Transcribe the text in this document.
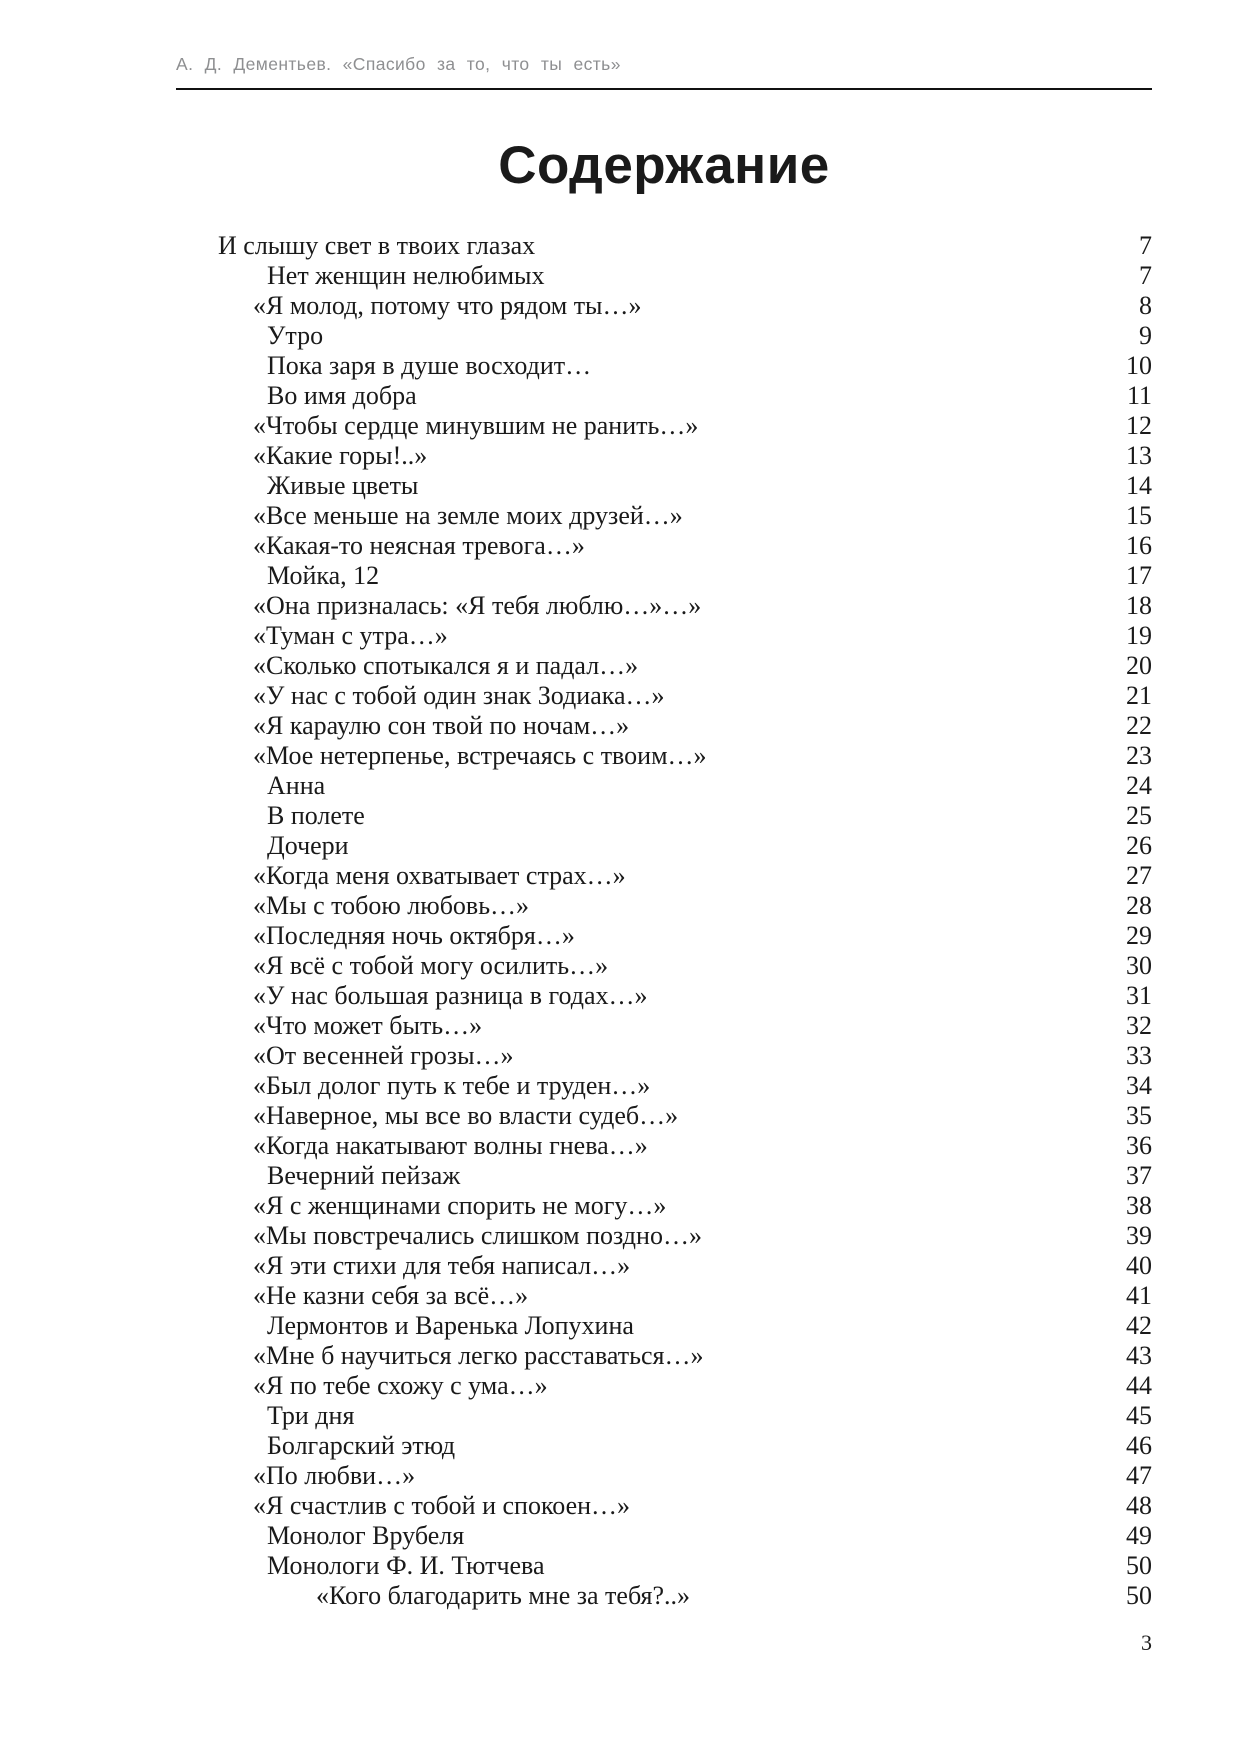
А. Д. Дементьев. «Спасибо за то, что ты есть»
Содержание
И слышу свет в твоих глазах	7
Нет женщин нелюбимых	7
«Я молод, потому что рядом ты…»	8
Утро	9
Пока заря в душе восходит…	10
Во имя добра	11
«Чтобы сердце минувшим не ранить…»	12
«Какие горы!..»	13
Живые цветы	14
«Все меньше на земле моих друзей…»	15
«Какая-то неясная тревога…»	16
Мойка, 12	17
«Она призналась: «Я тебя люблю…»…»	18
«Туман с утра…»	19
«Сколько спотыкался я и падал…»	20
«У нас с тобой один знак Зодиака…»	21
«Я караулю сон твой по ночам…»	22
«Мое нетерпенье, встречаясь с твоим…»	23
Анна	24
В полете	25
Дочери	26
«Когда меня охватывает страх…»	27
«Мы с тобою любовь…»	28
«Последняя ночь октября…»	29
«Я всё с тобой могу осилить…»	30
«У нас большая разница в годах…»	31
«Что может быть…»	32
«От весенней грозы…»	33
«Был долог путь к тебе и труден…»	34
«Наверное, мы все во власти судеб…»	35
«Когда накатывают волны гнева…»	36
Вечерний пейзаж	37
«Я с женщинами спорить не могу…»	38
«Мы повстречались слишком поздно…»	39
«Я эти стихи для тебя написал…»	40
«Не казни себя за всё…»	41
Лермонтов и Варенька Лопухина	42
«Мне б научиться легко расставаться…»	43
«Я по тебе схожу с ума…»	44
Три дня	45
Болгарский этюд	46
«По любви…»	47
«Я счастлив с тобой и спокоен…»	48
Монолог Врубеля	49
Монологи Ф. И. Тютчева	50
«Кого благодарить мне за тебя?..»	50
3
